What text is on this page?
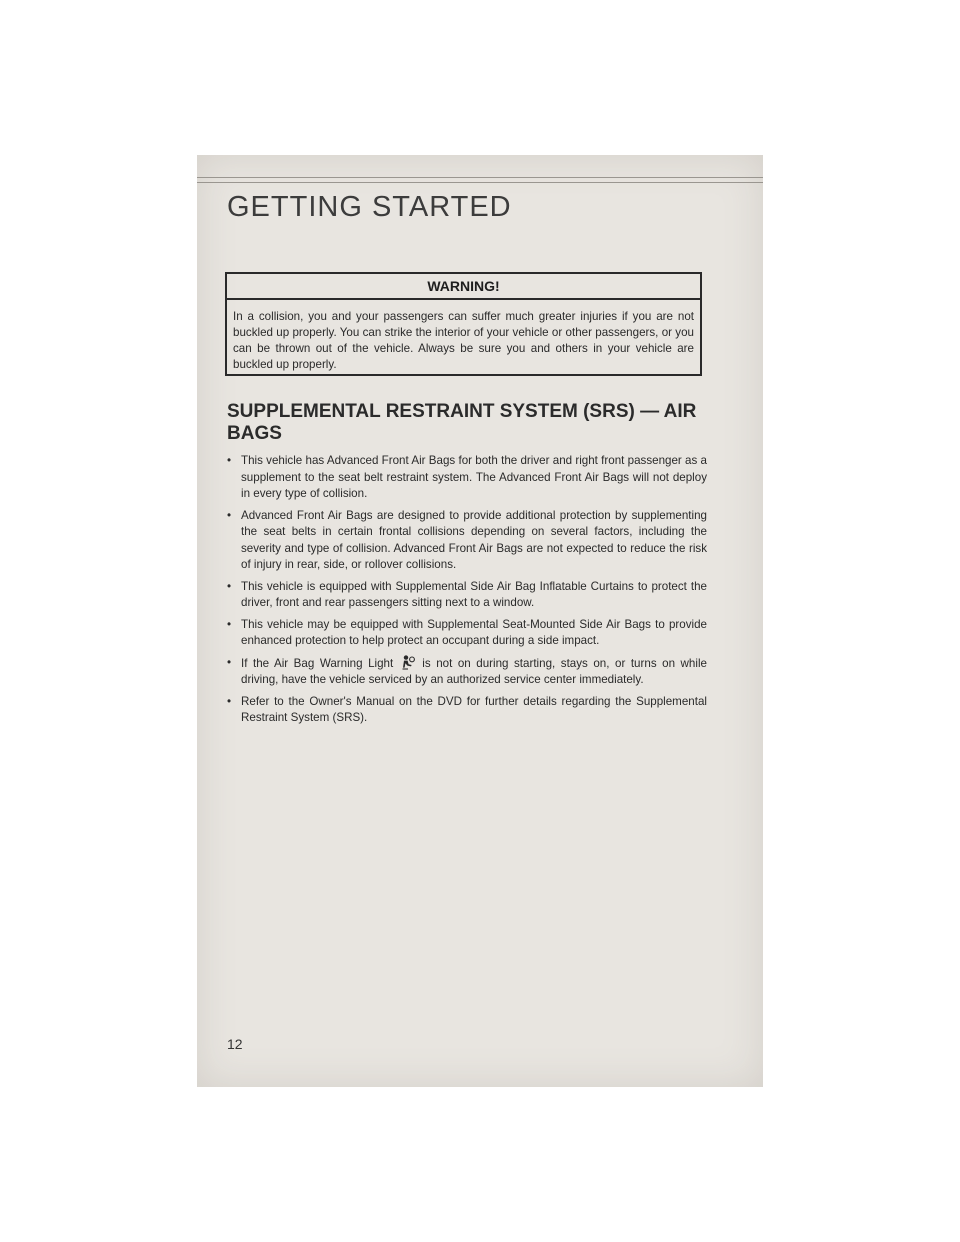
GETTING STARTED
WARNING!

In a collision, you and your passengers can suffer much greater injuries if you are not buckled up properly. You can strike the interior of your vehicle or other passengers, or you can be thrown out of the vehicle. Always be sure you and others in your vehicle are buckled up properly.

SUPPLEMENTAL RESTRAINT SYSTEM (SRS) — AIR BAGS
• This vehicle has Advanced Front Air Bags for both the driver and right front passenger as a supplement to the seat belt restraint system. The Advanced Front Air Bags will not deploy in every type of collision.
• Advanced Front Air Bags are designed to provide additional protection by supplementing the seat belts in certain frontal collisions depending on several factors, including the severity and type of collision. Advanced Front Air Bags are not expected to reduce the risk of injury in rear, side, or rollover collisions.
• This vehicle is equipped with Supplemental Side Air Bag Inflatable Curtains to protect the driver, front and rear passengers sitting next to a window.
• This vehicle may be equipped with Supplemental Seat-Mounted Side Air Bags to provide enhanced protection to help protect an occupant during a side impact.
• If the Air Bag Warning Light	is not on during starting, stays on, or turns on while driving, have the vehicle serviced by an authorized service center immediately.
• Refer to the Owner's Manual on the DVD for further details regarding the Supplemental Restraint System (SRS).

12
